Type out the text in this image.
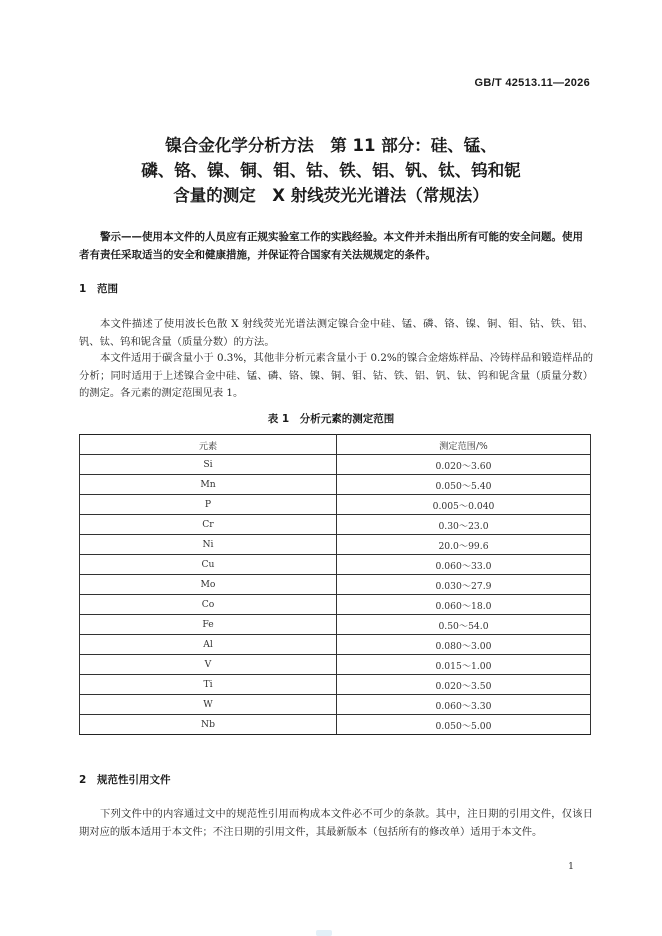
GB/T 42513.11—2026
镍合金化学分析方法　第 11 部分：硅、锰、
磷、铬、镍、铜、钼、钴、铁、铝、钒、钛、钨和铌
含量的测定　X 射线荧光光谱法（常规法）
警示——使用本文件的人员应有正规实验室工作的实践经验。本文件并未指出所有可能的安全问题。使用者有责任采取适当的安全和健康措施，并保证符合国家有关法规规定的条件。
1 范围
本文件描述了使用波长色散 X 射线荧光光谱法测定镍合金中硅、锰、磷、铬、镍、铜、钼、钴、铁、铝、钒、钛、钨和铌含量（质量分数）的方法。
本文件适用于碳含量小于 0.3%，其他非分析元素含量小于 0.2%的镍合金熔炼样品、冷铸样品和锻造样品的分析；同时适用于上述镍合金中硅、锰、磷、铬、镍、铜、钼、钴、铁、铝、钒、钛、钨和铌含量（质量分数）的测定。各元素的测定范围见表 1。
表 1　分析元素的测定范围
元素	测定范围/%
Si	0.020～3.60
Mn	0.050～5.40
P	0.005～0.040
Cr	0.30～23.0
Ni	20.0～99.6
Cu	0.060～33.0
Mo	0.030～27.9
Co	0.060～18.0
Fe	0.50～54.0
Al	0.080～3.00
V	0.015～1.00
Ti	0.020～3.50
W	0.060～3.30
Nb	0.050～5.00
2 规范性引用文件
下列文件中的内容通过文中的规范性引用而构成本文件必不可少的条款。其中，注日期的引用文件，仅该日期对应的版本适用于本文件；不注日期的引用文件，其最新版本（包括所有的修改单）适用于本文件。
1
